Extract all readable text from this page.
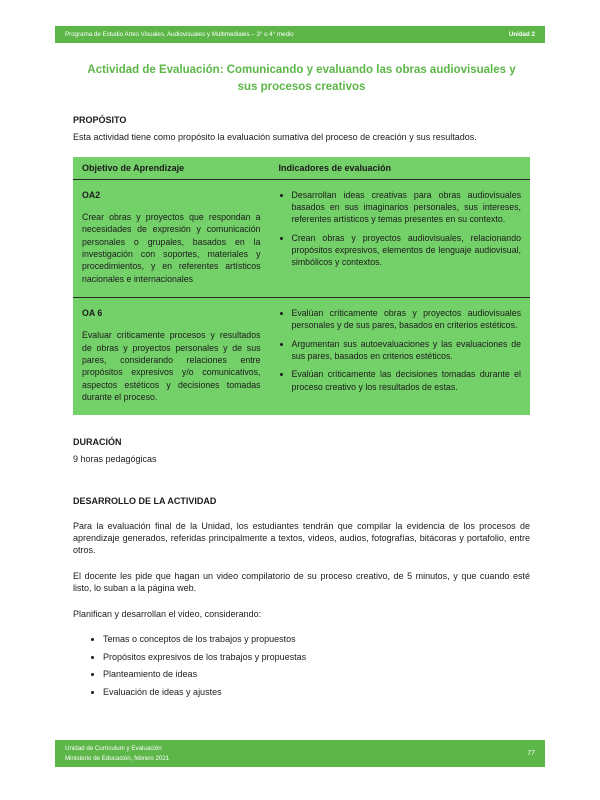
Programa de Estudio Artes Visuales, Audiovisuales y Multimediales – 3° o 4° medio	Unidad 2
Actividad de Evaluación: Comunicando y evaluando las obras audiovisuales y sus procesos creativos
PROPÓSITO

Esta actividad tiene como propósito la evaluación sumativa del proceso de creación y sus resultados.

Objetivo de Aprendizaje	Indicadores de evaluación

OA2
Crear obras y proyectos que respondan a necesidades de expresión y comunicación personales o grupales, basados en la investigación con soportes, materiales y procedimientos, y en referentes artísticos nacionales e internacionales

• Desarrollan ideas creativas para obras audiovisuales basados en sus imaginarios personales, sus intereses, referentes artísticos y temas presentes en su contexto.
• Crean obras y proyectos audiovisuales, relacionando propósitos expresivos, elementos de lenguaje audiovisual, simbólicos y contextos.

OA 6
Evaluar críticamente procesos y resultados de obras y proyectos personales y de sus pares, considerando relaciones entre propósitos expresivos y/o comunicativos, aspectos estéticos y decisiones tomadas durante el proceso.

• Evalúan críticamente obras y proyectos audiovisuales personales y de sus pares, basados en criterios estéticos.
• Argumentan sus autoevaluaciones y las evaluaciones de sus pares, basados en criterios estéticos.
• Evalúan críticamente las decisiones tomadas durante el proceso creativo y los resultados de estas.
DURACIÓN

9 horas pedagógicas

DESARROLLO DE LA ACTIVIDAD

Para la evaluación final de la Unidad, los estudiantes tendrán que compilar la evidencia de los procesos de aprendizaje generados, referidas principalmente a textos, videos, audios, fotografías, bitácoras y portafolio, entre otros.

El docente les pide que hagan un video compilatorio de su proceso creativo, de 5 minutos, y que cuando esté listo, lo suban a la página web.

Planifican y desarrollan el video, considerando:

• Temas o conceptos de los trabajos y propuestos
• Propósitos expresivos de los trabajos y propuestas
• Planteamiento de ideas
• Evaluación de ideas y ajustes
Unidad de Curriculum y Evaluación
Ministerio de Educación, febrero 2021
77
